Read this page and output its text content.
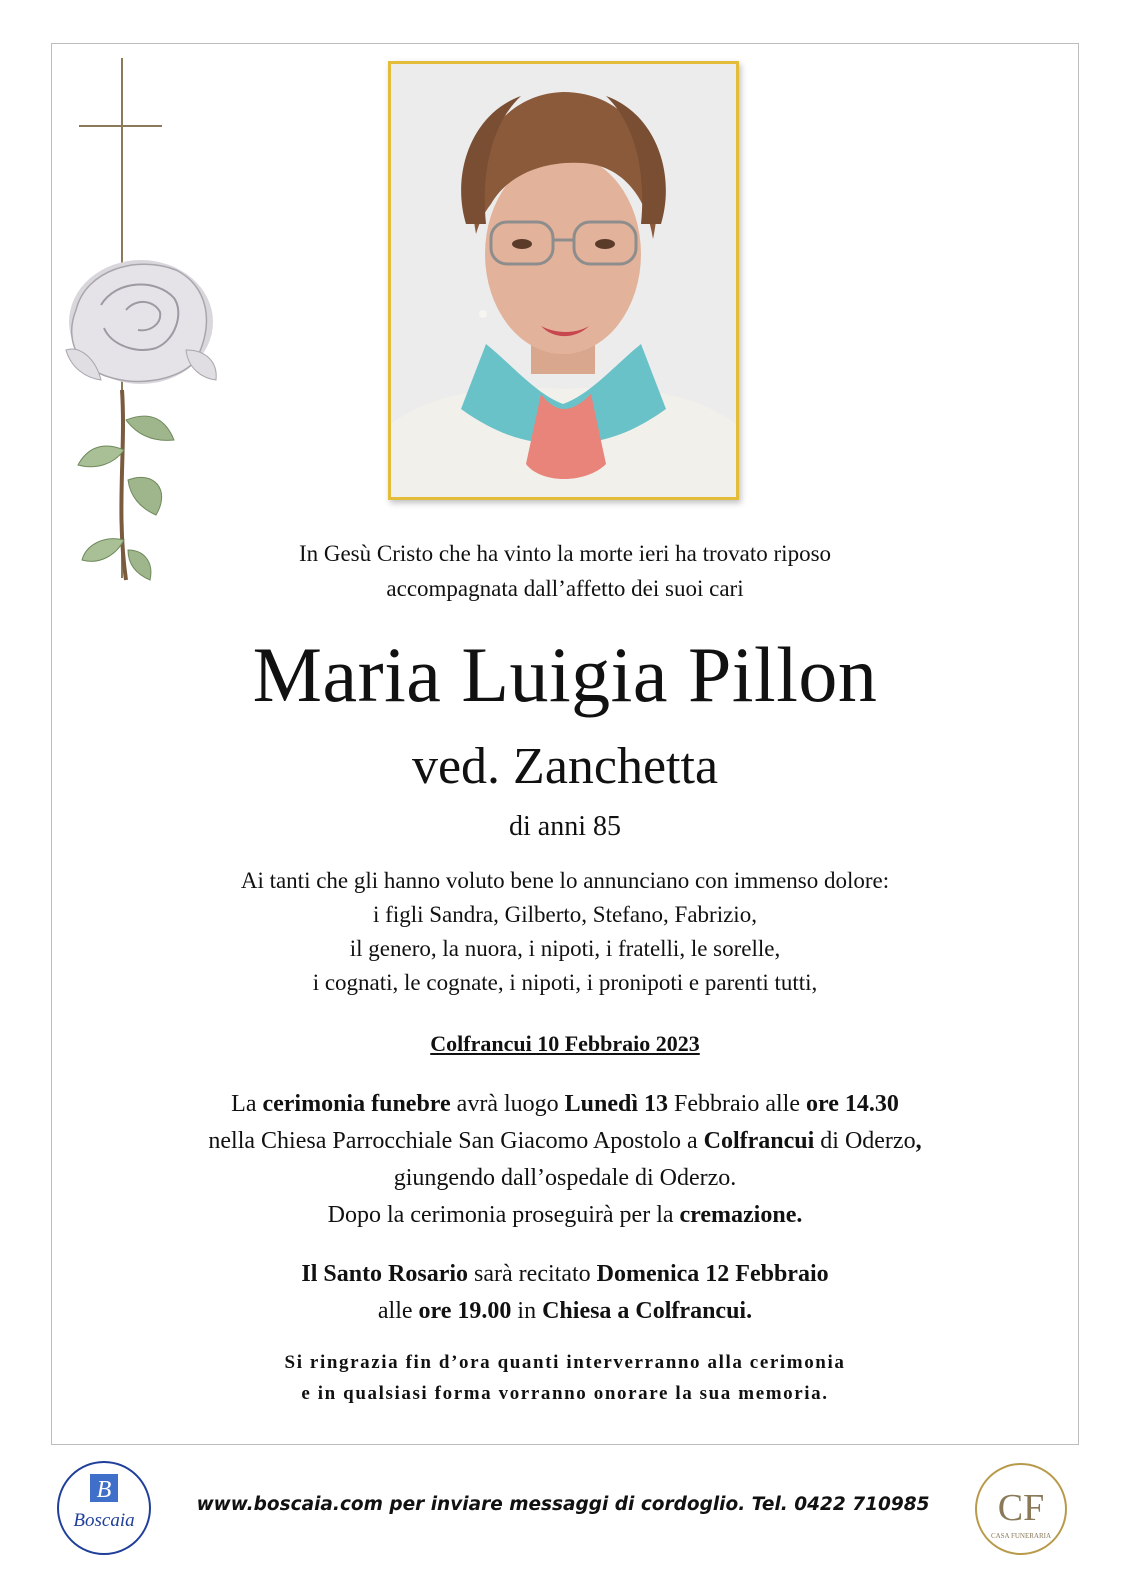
In Gesù Cristo che ha vinto la morte ieri ha trovato riposo
accompagnata dall’affetto dei suoi cari
Maria Luigia Pillon
ved. Zanchetta
di anni 85
Ai tanti che gli hanno voluto bene lo annunciano con immenso dolore:
i figli Sandra, Gilberto, Stefano, Fabrizio,
il genero, la nuora, i nipoti, i fratelli, le sorelle,
i cognati, le cognate, i nipoti, i pronipoti e parenti tutti,
Colfrancui 10 Febbraio 2023
La cerimonia funebre avrà luogo Lunedì 13 Febbraio alle ore 14.30
nella Chiesa Parrocchiale San Giacomo Apostolo a Colfrancui di Oderzo,
giungendo dall’ospedale di Oderzo.
Dopo la cerimonia proseguirà per la cremazione.
Il Santo Rosario sarà recitato Domenica 12 Febbraio
alle ore 19.00 in Chiesa a Colfrancui.
Si ringrazia fin d’ora quanti interverranno alla cerimonia
e in qualsiasi forma vorranno onorare la sua memoria.
B
Boscaia
www.boscaia.com per inviare messaggi di cordoglio. Tel. 0422 710985	CF
CASA FUNERARIA
